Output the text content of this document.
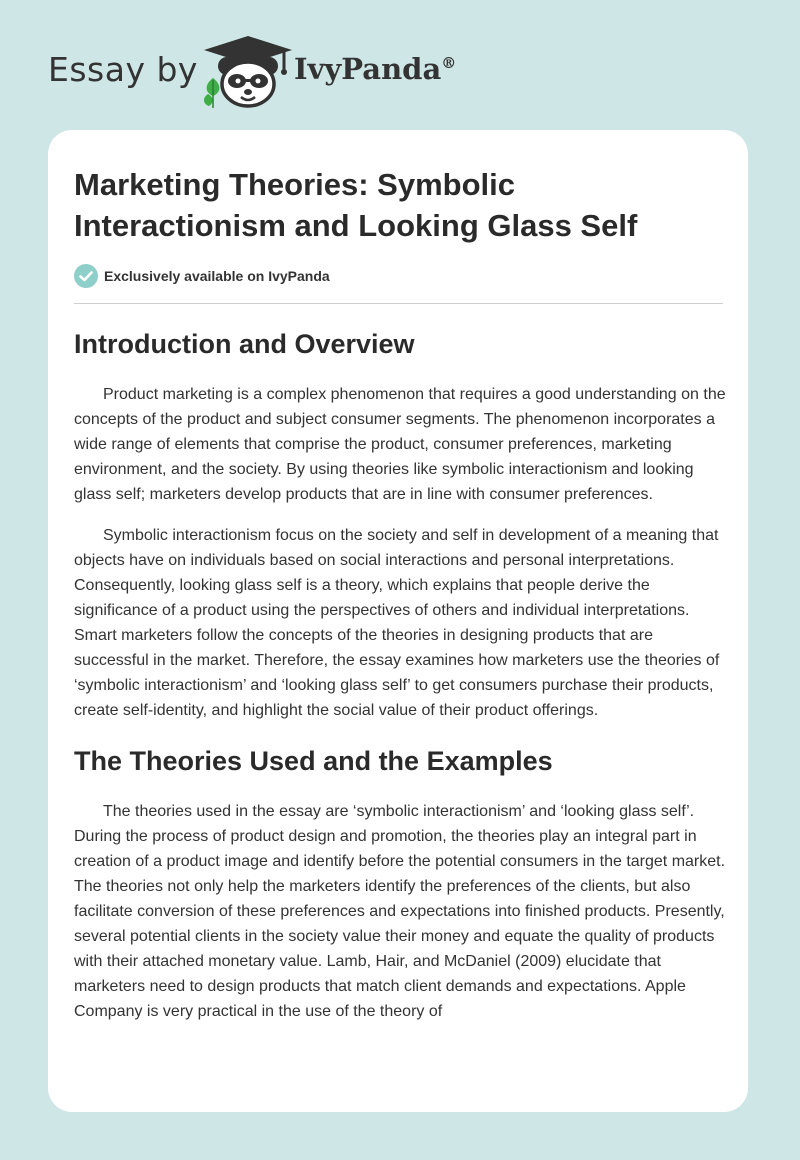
Essay by	IvyPanda®
Marketing Theories: Symbolic Interactionism and Looking Glass Self
Exclusively available on IvyPanda
Introduction and Overview

Product marketing is a complex phenomenon that requires a good understanding on the concepts of the product and subject consumer segments. The phenomenon incorporates a wide range of elements that comprise the product, consumer preferences, marketing environment, and the society. By using theories like symbolic interactionism and looking glass self; marketers develop products that are in line with consumer preferences.

Symbolic interactionism focus on the society and self in development of a meaning that objects have on individuals based on social interactions and personal interpretations. Consequently, looking glass self is a theory, which explains that people derive the significance of a product using the perspectives of others and individual interpretations. Smart marketers follow the concepts of the theories in designing products that are successful in the market. Therefore, the essay examines how marketers use the theories of ‘symbolic interactionism’ and ‘looking glass self’ to get consumers purchase their products, create self-identity, and highlight the social value of their product offerings.

The Theories Used and the Examples

The theories used in the essay are ‘symbolic interactionism’ and ‘looking glass self’. During the process of product design and promotion, the theories play an integral part in creation of a product image and identify before the potential consumers in the target market. The theories not only help the marketers identify the preferences of the clients, but also facilitate conversion of these preferences and expectations into finished products. Presently, several potential clients in the society value their money and equate the quality of products with their attached monetary value. Lamb, Hair, and McDaniel (2009) elucidate that marketers need to design products that match client demands and expectations. Apple Company is very practical in the use of the theory of
